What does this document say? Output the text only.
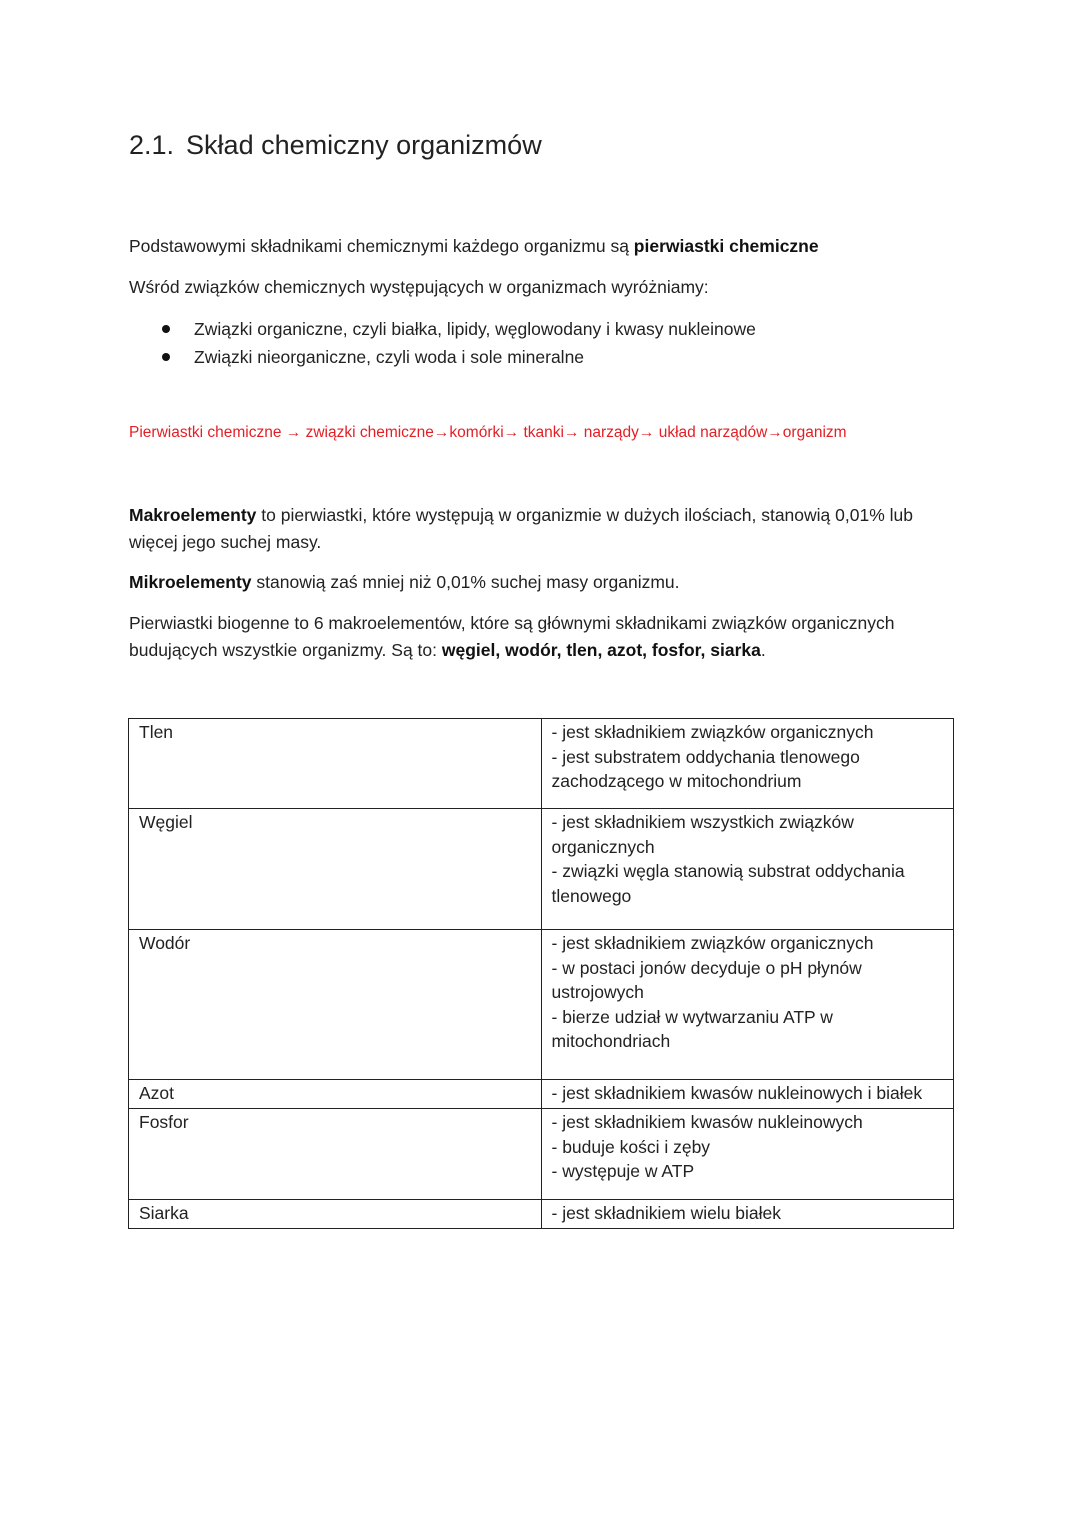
2.1. Skład chemiczny organizmów
Podstawowymi składnikami chemicznymi każdego organizmu są pierwiastki chemiczne
Wśród związków chemicznych występujących w organizmach wyróżniamy:
Związki organiczne, czyli białka, lipidy, węglowodany i kwasy nukleinowe
Związki nieorganiczne, czyli woda i sole mineralne
Pierwiastki chemiczne → związki chemiczne→komórki→ tkanki→ narządy→ układ narządów→organizm
Makroelementy to pierwiastki, które występują w organizmie w dużych ilościach, stanowią 0,01% lub więcej jego suchej masy.
Mikroelementy stanowią zaś mniej niż 0,01% suchej masy organizmu.
Pierwiastki biogenne to 6 makroelementów, które są głównymi składnikami związków organicznych budujących wszystkie organizmy. Są to: węgiel, wodór, tlen, azot, fosfor, siarka.
Tlen	- jest składnikiem związków organicznych
- jest substratem oddychania tlenowego zachodzącego w mitochondrium

Węgiel	- jest składnikiem wszystkich związków organicznych
- związki węgla stanowią substrat oddychania tlenowego

Wodór	- jest składnikiem związków organicznych
- w postaci jonów decyduje o pH płynów ustrojowych
- bierze udział w wytwarzaniu ATP w mitochondriach

Azot	- jest składnikiem kwasów nukleinowych i białek

Fosfor	- jest składnikiem kwasów nukleinowych
- buduje kości i zęby
- występuje w ATP

Siarka	- jest składnikiem wielu białek
